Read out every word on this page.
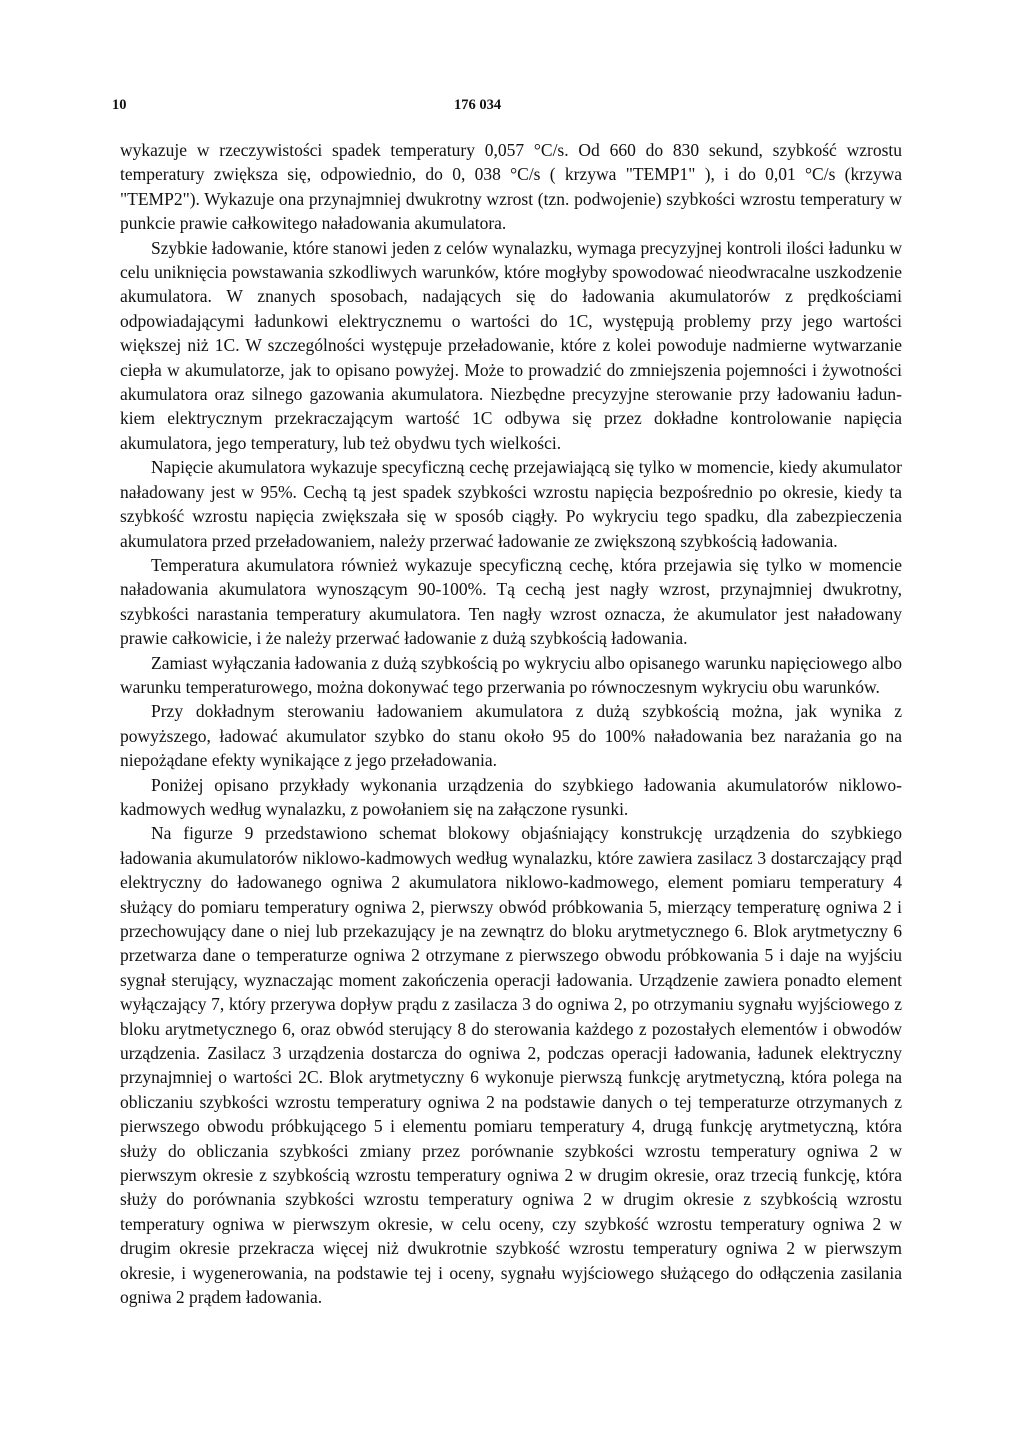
10	176 034

wykazuje w rzeczywistości spadek temperatury 0,057 °C/s. Od 660 do 830 sekund, szybkość wzrostu temperatury zwiększa się, odpowiednio, do 0, 038 °C/s ( krzywa "TEMP1" ), i do 0,01 °C/s (krzywa "TEMP2"). Wykazuje ona przynajmniej dwukrotny wzrost (tzn. podwojenie) szybkości wzrostu temperatury w punkcie prawie całkowitego naładowania akumulatora.

Szybkie ładowanie, które stanowi jeden z celów wynalazku, wymaga precyzyjnej kontroli ilości ładunku w celu uniknięcia powstawania szkodliwych warunków, które mogłyby spowodować nieodwracalne uszkodzenie akumulatora. W znanych sposobach, nadających się do ładowania akumulatorów z prędkościami odpowiadającymi ładunkowi elektrycznemu o wartości do 1C, występują problemy przy jego wartości większej niż 1C. W szczególności występuje przeładowanie, które z kolei powoduje nadmierne wytwarzanie ciepła w akumulatorze, jak to opisano powyżej. Może to prowadzić do zmniejszenia pojemności i żywotności akumulatora oraz silnego gazowania akumulatora. Niezbędne precyzyjne sterowanie przy ładowaniu ładunkiem elektrycznym przekraczającym wartość 1C odbywa się przez dokładne kontrolowanie napięcia akumulatora, jego temperatury, lub też obydwu tych wielkości.

Napięcie akumulatora wykazuje specyficzną cechę przejawiającą się tylko w momencie, kiedy akumulator naładowany jest w 95%. Cechą tą jest spadek szybkości wzrostu napięcia bezpośrednio po okresie, kiedy ta szybkość wzrostu napięcia zwiększała się w sposób ciągły. Po wykryciu tego spadku, dla zabezpieczenia akumulatora przed przeładowaniem, należy przerwać ładowanie ze zwiększoną szybkością ładowania.

Temperatura akumulatora również wykazuje specyficzną cechę, która przejawia się tylko w momencie naładowania akumulatora wynoszącym 90-100%. Tą cechą jest nagły wzrost, przynajmniej dwukrotny, szybkości narastania temperatury akumulatora. Ten nagły wzrost oznacza, że akumulator jest naładowany prawie całkowicie, i że należy przerwać ładowanie z dużą szybkością ładowania.

Zamiast wyłączania ładowania z dużą szybkością po wykryciu albo opisanego warunku napięciowego albo warunku temperaturowego, można dokonywać tego przerwania po równoczesnym wykryciu obu warunków.

Przy dokładnym sterowaniu ładowaniem akumulatora z dużą szybkością można, jak wynika z powyższego, ładować akumulator szybko do stanu około 95 do 100% naładowania bez narażania go na niepożądane efekty wynikające z jego przeładowania.

Poniżej opisano przykłady wykonania urządzenia do szybkiego ładowania akumulatorów niklowo-kadmowych według wynalazku, z powołaniem się na załączone rysunki.

Na figurze 9 przedstawiono schemat blokowy objaśniający konstrukcję urządzenia do szybkiego ładowania akumulatorów niklowo-kadmowych według wynalazku, które zawiera zasilacz 3 dostarczający prąd elektryczny do ładowanego ogniwa 2 akumulatora niklowo-kadmowego, element pomiaru temperatury 4 służący do pomiaru temperatury ogniwa 2, pierwszy obwód próbkowania 5, mierzący temperaturę ogniwa 2 i przechowujący dane o niej lub przekazujący je na zewnątrz do bloku arytmetycznego 6. Blok arytmetyczny 6 przetwarza dane o temperaturze ogniwa 2 otrzymane z pierwszego obwodu próbkowania 5 i daje na wyjściu sygnał sterujący, wyznaczając moment zakończenia operacji ładowania. Urządzenie zawiera ponadto element wyłączający 7, który przerywa dopływ prądu z zasilacza 3 do ogniwa 2, po otrzymaniu sygnału wyjściowego z bloku arytmetycznego 6, oraz obwód sterujący 8 do sterowania każdego z pozostałych elementów i obwodów urządzenia. Zasilacz 3 urządzenia dostarcza do ogniwa 2, podczas operacji ładowania, ładunek elektryczny przynajmniej o wartości 2C. Blok arytmetyczny 6 wykonuje pierwszą funkcję arytmetyczną, która polega na obliczaniu szybkości wzrostu temperatury ogniwa 2 na podstawie danych o tej temperaturze otrzymanych z pierwszego obwodu próbkującego 5 i elementu pomiaru temperatury 4, drugą funkcję arytmetyczną, która służy do obliczania szybkości zmiany przez porównanie szybkości wzrostu temperatury ogniwa 2 w pierwszym okresie z szybkością wzrostu temperatury ogniwa 2 w drugim okresie, oraz trzecią funkcję, która służy do porównania szybkości wzrostu temperatury ogniwa 2 w drugim okresie z szybkością wzrostu temperatury ogniwa w pierwszym okresie, w celu oceny, czy szybkość wzrostu temperatury ogniwa 2 w drugim okresie przekracza więcej niż dwukrotnie szybkość wzrostu temperatury ogniwa 2 w pierwszym okresie, i wygenerowania, na podstawie tej i oceny, sygnału wyjściowego służącego do odłączenia zasilania ogniwa 2 prądem ładowania.
